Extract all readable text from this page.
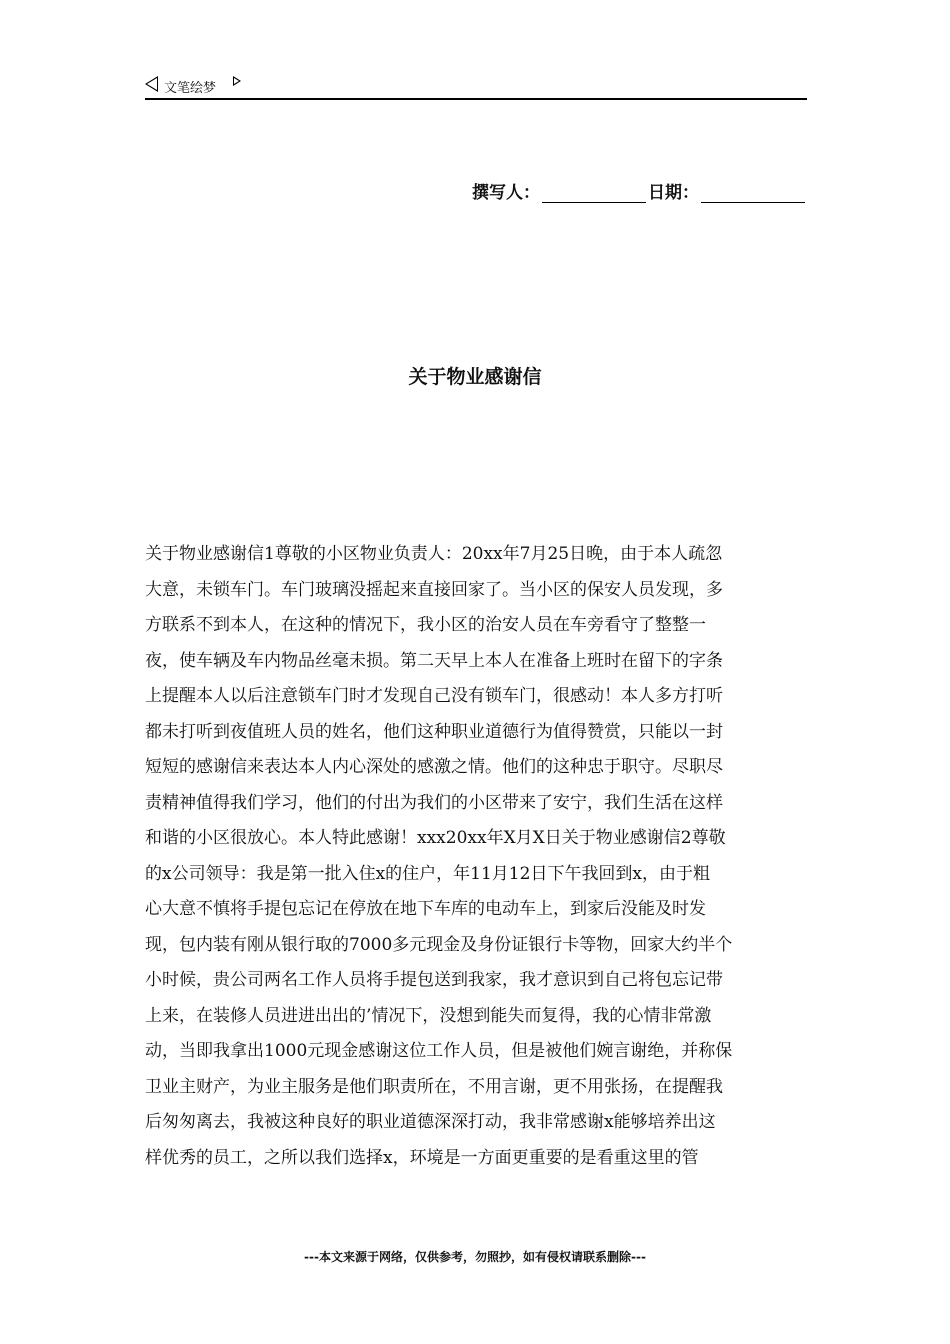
文笔绘梦
撰写人：	日期：
关于物业感谢信
关于物业感谢信1尊敬的小区物业负责人：20xx年7月25日晚，由于本人疏忽
大意，未锁车门。车门玻璃没摇起来直接回家了。当小区的保安人员发现，多
方联系不到本人，在这种的情况下，我小区的治安人员在车旁看守了整整一
夜，使车辆及车内物品丝毫未损。第二天早上本人在准备上班时在留下的字条
上提醒本人以后注意锁车门时才发现自己没有锁车门，很感动！本人多方打听
都未打听到夜值班人员的姓名，他们这种职业道德行为值得赞赏，只能以一封
短短的感谢信来表达本人内心深处的感激之情。他们的这种忠于职守。尽职尽
责精神值得我们学习，他们的付出为我们的小区带来了安宁，我们生活在这样
和谐的小区很放心。本人特此感谢！xxx20xx年X月X日关于物业感谢信2尊敬
的x公司领导：我是第一批入住x的住户，年11月12日下午我回到x，由于粗
心大意不慎将手提包忘记在停放在地下车库的电动车上，到家后没能及时发
现，包内装有刚从银行取的7000多元现金及身份证银行卡等物，回家大约半个
小时候，贵公司两名工作人员将手提包送到我家，我才意识到自己将包忘记带
上来，在装修人员进进出出的’情况下，没想到能失而复得，我的心情非常激
动，当即我拿出1000元现金感谢这位工作人员，但是被他们婉言谢绝，并称保
卫业主财产，为业主服务是他们职责所在，不用言谢，更不用张扬，在提醒我
后匆匆离去，我被这种良好的职业道德深深打动，我非常感谢x能够培养出这
样优秀的员工，之所以我们选择x，环境是一方面更重要的是看重这里的管
---本文来源于网络，仅供参考，勿照抄，如有侵权请联系删除---
